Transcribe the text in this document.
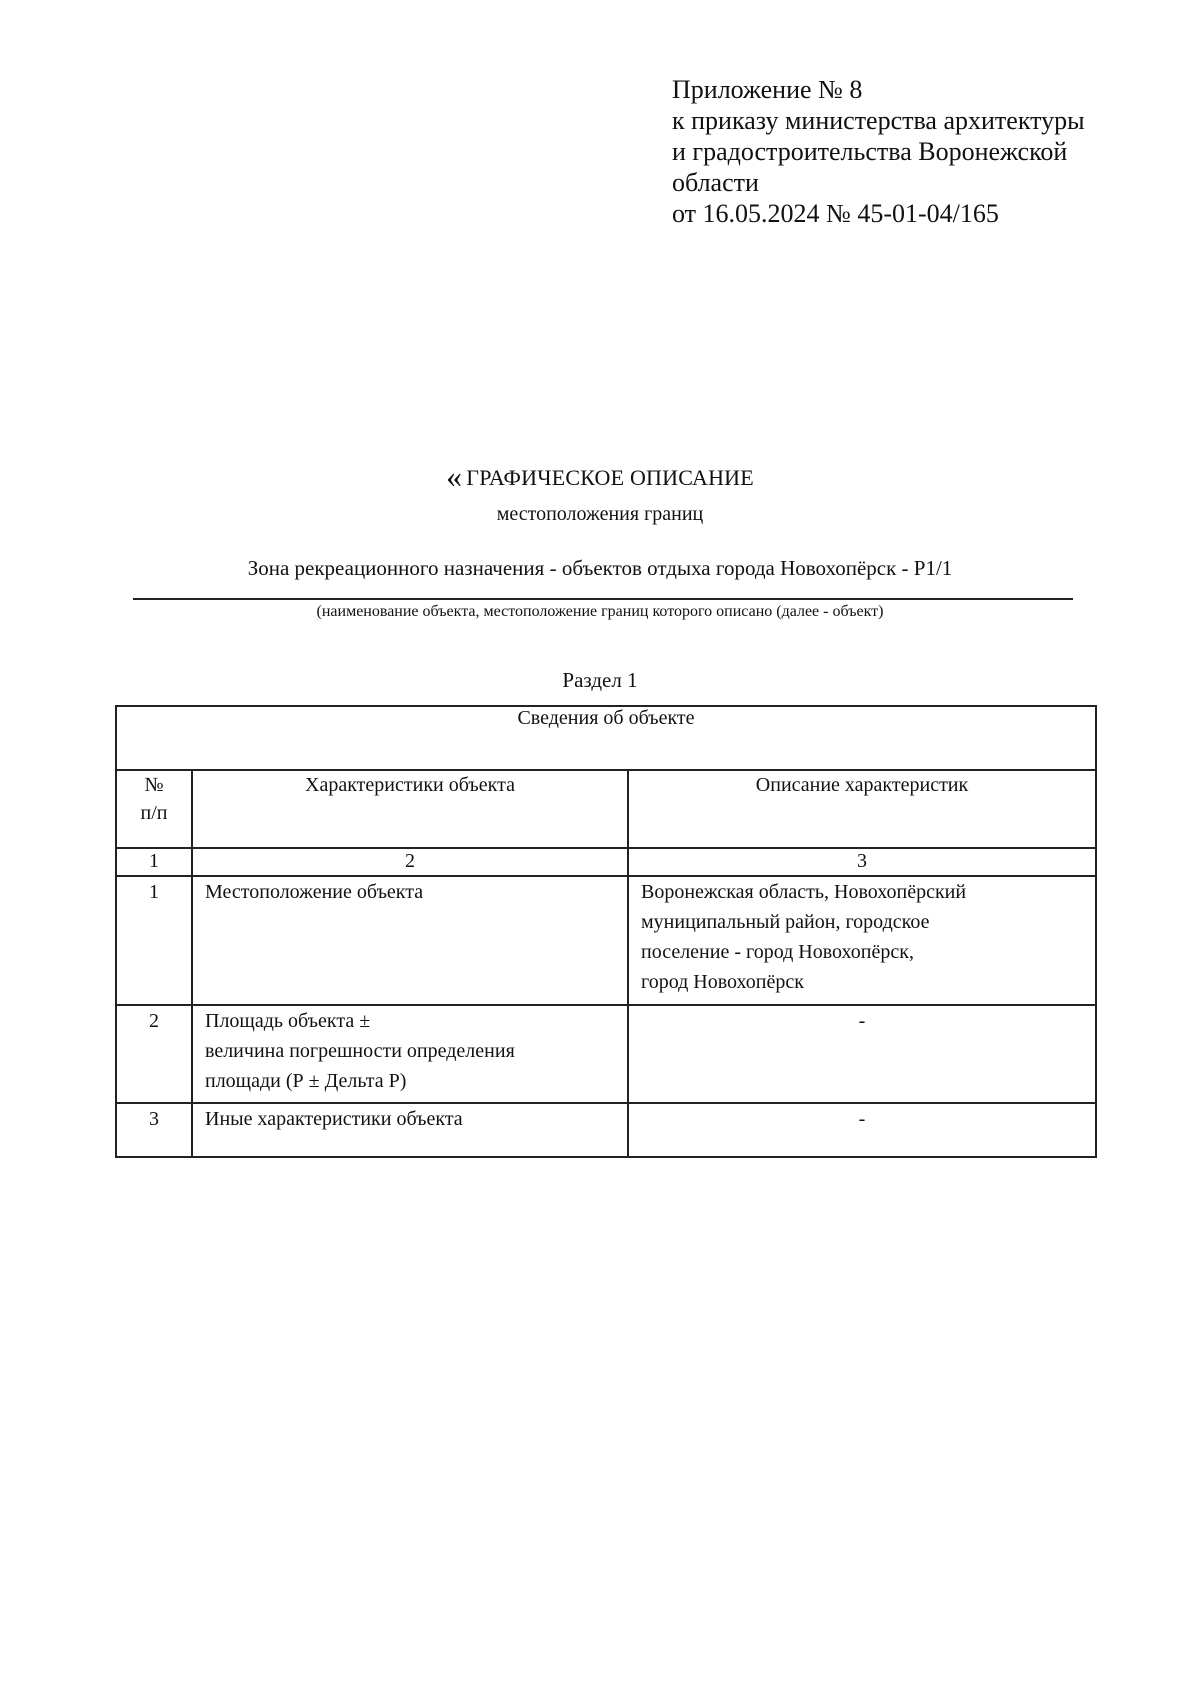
Приложение № 8
к приказу министерства архитектуры
и градостроительства Воронежской
области
от 16.05.2024 № 45-01-04/165
« ГРАФИЧЕСКОЕ ОПИСАНИЕ
местоположения границ
Зона рекреационного назначения - объектов отдыха города Новохопёрск - Р1/1
(наименование объекта, местоположение границ которого описано (далее - объект)
Раздел 1
Сведения об объекте		

№
п/п	Характеристики объекта	Описание характеристик
1	2	3
1	Местоположение объекта	Воронежская область, Новохопёрский
муниципальный район, городское
поселение - город Новохопёрск,
город Новохопёрск

2	Площадь объекта ±
величина погрешности определения
площади (Р ± Дельта Р)	-
3	Иные характеристики объекта	-
